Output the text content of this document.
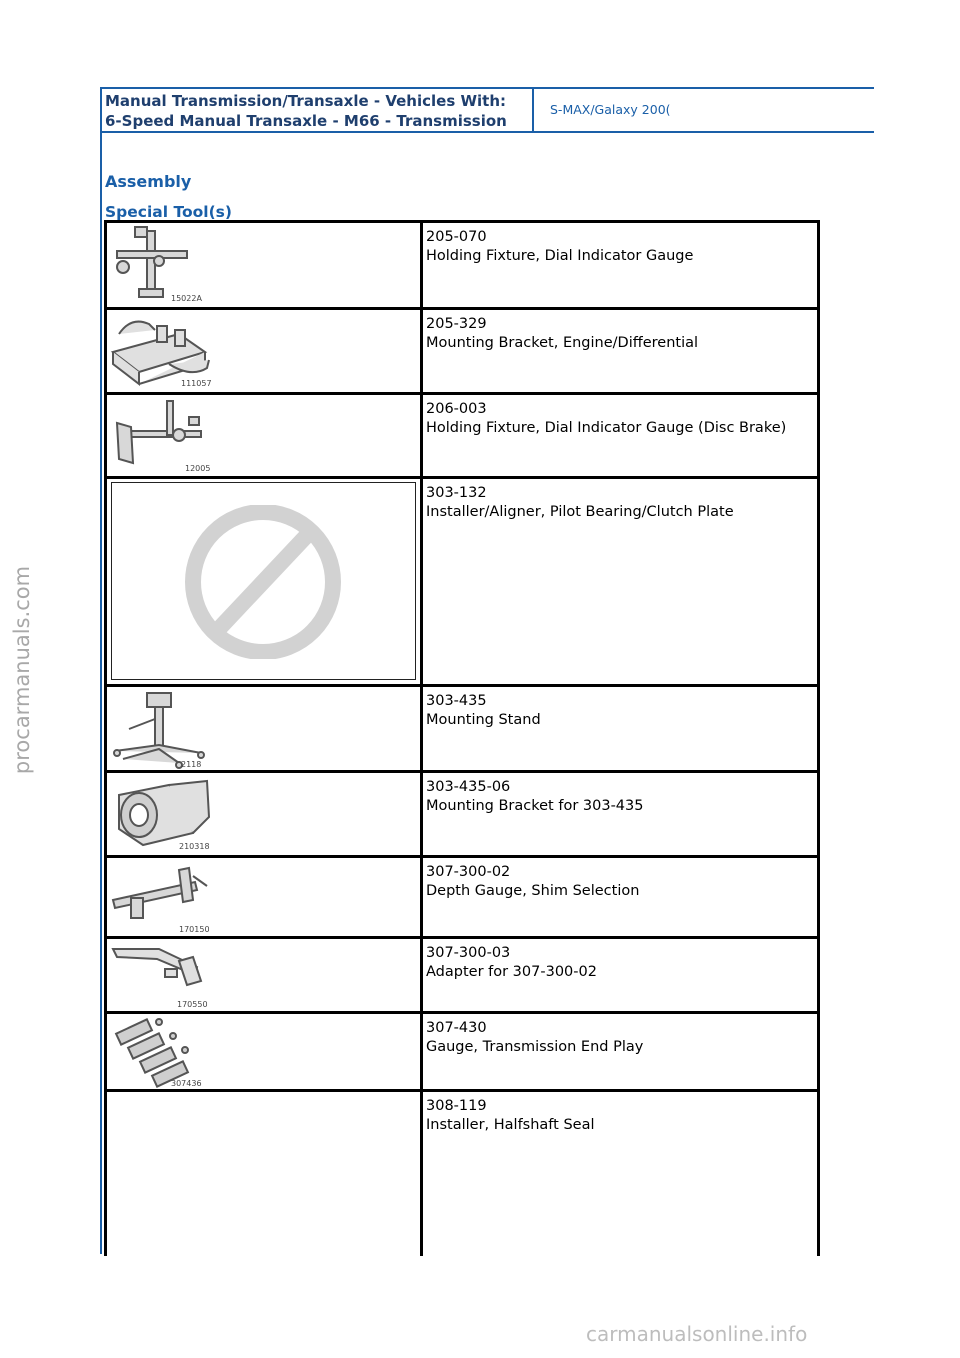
procarmanuals.com
Manual Transmission/Transaxle - Vehicles With:
6-Speed Manual Transaxle - M66 - Transmission
S-MAX/Galaxy 200(
Assembly
Special Tool(s)
15022A
205-070
Holding Fixture, Dial Indicator Gauge
111057
205-329
Mounting Bracket, Engine/Differential
12005
206-003
Holding Fixture, Dial Indicator Gauge (Disc Brake)
303-132
Installer/Aligner, Pilot Bearing/Clutch Plate
2118
303-435
Mounting Stand
210318
303-435-06
Mounting Bracket for 303-435
170150
307-300-02
Depth Gauge, Shim Selection
170550
307-300-03
Adapter for 307-300-02
307436
307-430
Gauge, Transmission End Play
308-119
Installer, Halfshaft Seal
carmanualsonline.info
